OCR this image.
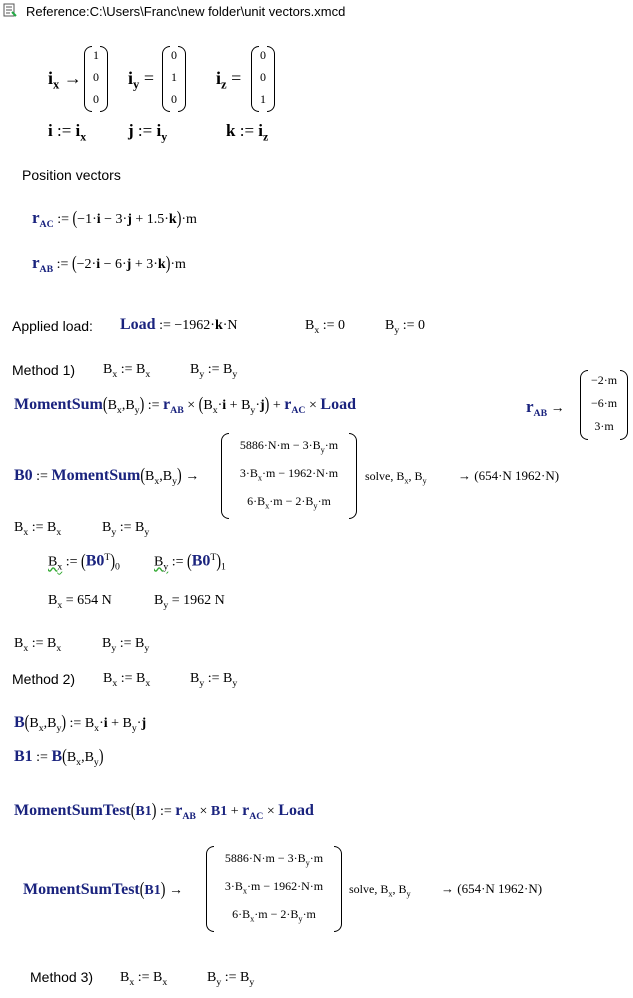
Reference:C:\Users\Franc\new folder\unit vectors.xmcd
$i_x$ →
1
0
0
$i_y$ =
0
1
0
$i_z$ =
0
0
1
i := $i_x$ j := $i_y$	k := $i_z$
Position vectors
$r_{AC}$ := (−1·i − 3·j + 1.5·k)·m
$r_{AB}$ := (−2·i − 6·j + 3·k)·m
Applied load: Load := −1962·k·N	$B_x$ := 0	$B_y$ := 0
Method 1) $B_x$ := $B_x$	$B_y$ := $B_y$
$MomentSum(B_x,B_y)$ := $r_{AB} \times (B_x\cdot i + B_y\cdot j) + r_{AC}$ × Load	$r_{AB}$ →
−2·m
−6·m
3·m
B0 := $MomentSum(B_x,B_y)$ →
$5886\cdot N\cdot m - 3\cdot B_y\cdot m$
$3\cdot B_x\cdot m - 1962\cdot N\cdot m$
$6\cdot B_x\cdot m - 2\cdot B_y\cdot m$
solve, $B_x$, $B_y \to (654\cdot N$ 1962·N)
$B_x$ := $B_x$	$B_y$ := $B_y$
$B_x$ := $(B0^T)_0$ $B_y$ := $(B0^T)_1$
$B_x = 654$ N	$B_y = 1962$ N
$B_x$ := $B_x$	$B_y$ := $B_y$
Method 2) $B_x$ := $B_x$	$B_y$ := $B_y$
$B(B_x,B_y)$ := $B_x\cdot i + B_y\cdot j$
B1 := $B(B_x,B_y)$
MomentSumTest(B1) := $r_{AB} \times B1 + r_{AC}$ × Load
MomentSumTest(B1) →
$5886\cdot N\cdot m - 3\cdot B_y\cdot m$
$3\cdot B_x\cdot m - 1962\cdot N\cdot m$
$6\cdot B_x\cdot m - 2\cdot B_y\cdot m$
solve, $B_x$, $B_y \to (654\cdot N$ 1962·N)
Method 3) $B_x$ := $B_x$	$B_y$ := $B_y$
